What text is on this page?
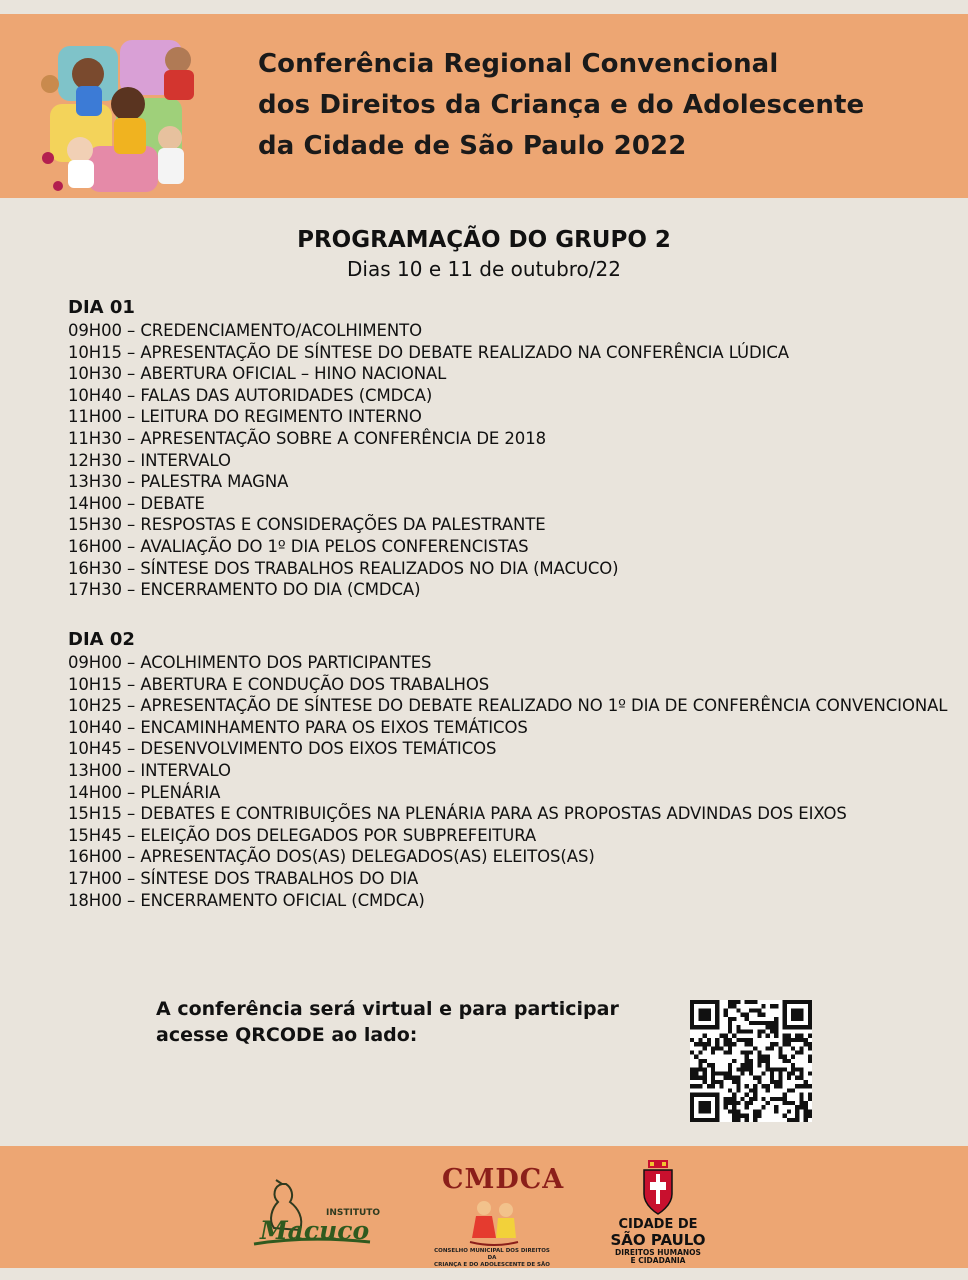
Conferência Regional Convencional
dos Direitos da Criança e do Adolescente
da Cidade de São Paulo 2022
PROGRAMAÇÃO DO GRUPO 2
Dias 10 e 11 de outubro/22
DIA 01
09H00 – CREDENCIAMENTO/ACOLHIMENTO
10H15 – APRESENTAÇÃO DE SÍNTESE DO DEBATE REALIZADO NA CONFERÊNCIA LÚDICA
10H30 – ABERTURA OFICIAL – HINO NACIONAL
10H40 – FALAS DAS AUTORIDADES (CMDCA)
11H00 – LEITURA DO REGIMENTO INTERNO
11H30 – APRESENTAÇÃO SOBRE A CONFERÊNCIA DE 2018
12H30 – INTERVALO
13H30 – PALESTRA MAGNA
14H00 – DEBATE
15H30 – RESPOSTAS E CONSIDERAÇÕES DA PALESTRANTE
16H00 – AVALIAÇÃO DO 1º DIA PELOS CONFERENCISTAS
16H30 – SÍNTESE DOS TRABALHOS REALIZADOS NO DIA (MACUCO)
17H30 – ENCERRAMENTO DO DIA (CMDCA)
DIA 02
09H00 – ACOLHIMENTO DOS PARTICIPANTES
10H15 – ABERTURA E CONDUÇÃO DOS TRABALHOS
10H25 – APRESENTAÇÃO DE SÍNTESE DO DEBATE REALIZADO NO 1º DIA DE CONFERÊNCIA CONVENCIONAL
10H40 – ENCAMINHAMENTO PARA OS EIXOS TEMÁTICOS
10H45 – DESENVOLVIMENTO DOS EIXOS TEMÁTICOS
13H00 – INTERVALO
14H00 – PLENÁRIA
15H15 – DEBATES E CONTRIBUIÇÕES NA PLENÁRIA PARA AS PROPOSTAS ADVINDAS DOS EIXOS
15H45 – ELEIÇÃO DOS DELEGADOS POR SUBPREFEITURA
16H00 – APRESENTAÇÃO DOS(AS) DELEGADOS(AS) ELEITOS(AS)
17H00 – SÍNTESE DOS TRABALHOS DO DIA
18H00 – ENCERRAMENTO OFICIAL (CMDCA)
A conferência será virtual e para participar
acesse QRCODE ao lado:
INSTITUTO
Macuco
CMDCA
CONSELHO MUNICIPAL DOS DIREITOS DA
CRIANÇA E DO ADOLESCENTE DE SÃO
CIDADE DE
SÃO PAULO
DIREITOS HUMANOS
E CIDADANIA
